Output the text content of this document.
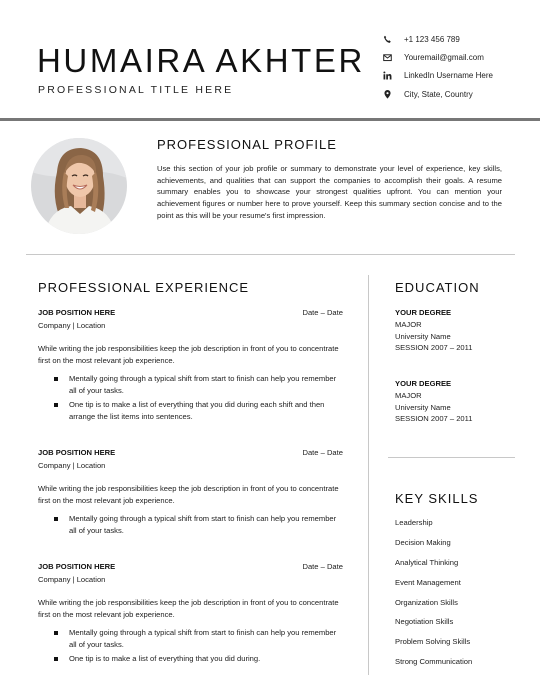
HUMAIRA AKHTER
PROFESSIONAL TITLE HERE
+1 123 456 789
Youremail@gmail.com
LinkedIn Username Here
City, State, Country
PROFESSIONAL PROFILE
Use this section of your job profile or summary to demonstrate your level of experience, key skills, achievements, and qualities that can support the companies to accomplish their goals. A resume summary enables you to showcase your strongest qualities upfront. You can mention your achievement figures or number here to prove yourself. Keep this summary section concise and to the point as this will be your resume's first impression.
PROFESSIONAL EXPERIENCE
JOB POSITION HERE	Date – Date
Company | Location
While writing the job responsibilities keep the job description in front of you to concentrate first on the most relevant job experience.
Mentally going through a typical shift from start to finish can help you remember all of your tasks.
One tip is to make a list of everything that you did during each shift and then arrange the list items into sentences.
JOB POSITION HERE	Date – Date
Company | Location
While writing the job responsibilities keep the job description in front of you to concentrate first on the most relevant job experience.
Mentally going through a typical shift from start to finish can help you remember all of your tasks.
JOB POSITION HERE	Date – Date
Company | Location
While writing the job responsibilities keep the job description in front of you to concentrate first on the most relevant job experience.
Mentally going through a typical shift from start to finish can help you remember all of your tasks.
One tip is to make a list of everything that you did during.
EDUCATION
YOUR DEGREE
MAJOR
University Name
SESSION 2007 – 2011
YOUR DEGREE
MAJOR
University Name
SESSION 2007 – 2011
KEY SKILLS
Leadership
Decision Making
Analytical Thinking
Event Management
Organization Skills
Negotiation Skills
Problem Solving Skills
Strong Communication
